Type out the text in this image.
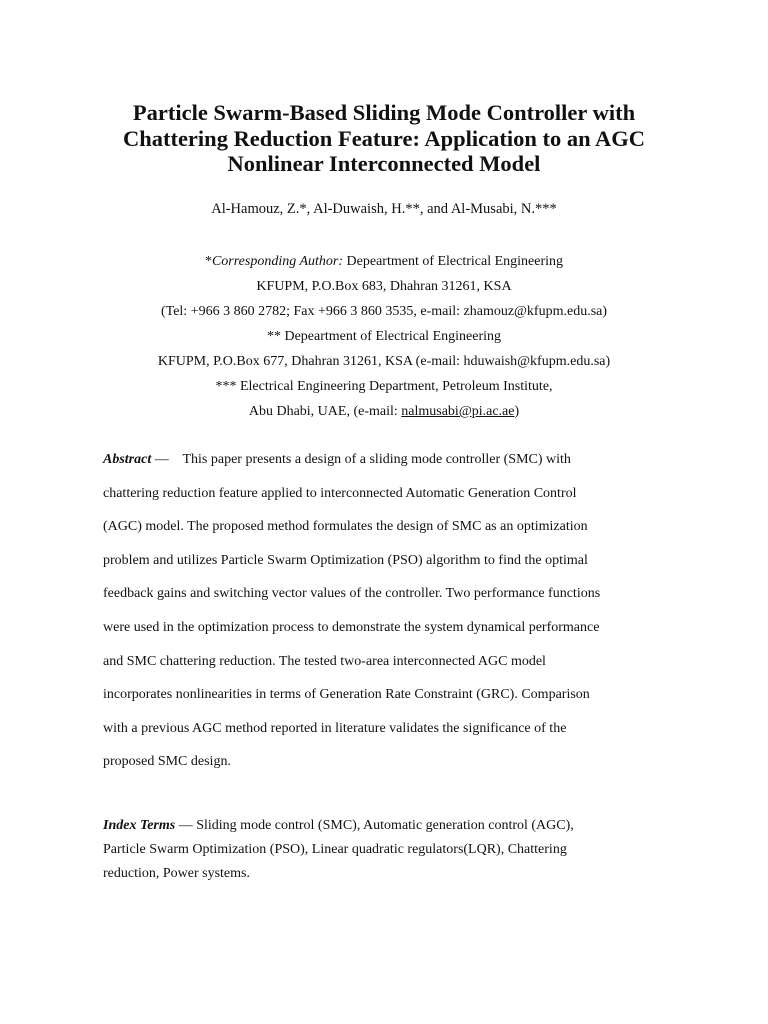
Particle Swarm-Based Sliding Mode Controller with
Chattering Reduction Feature: Application to an AGC
Nonlinear Interconnected Model
Al-Hamouz, Z.*, Al-Duwaish, H.**, and Al-Musabi, N.***
*Corresponding Author: Depeartment of Electrical Engineering
KFUPM, P.O.Box 683, Dhahran 31261, KSA
(Tel: +966 3 860 2782; Fax +966 3 860 3535, e-mail: zhamouz@kfupm.edu.sa)
** Depeartment of Electrical Engineering
KFUPM, P.O.Box 677, Dhahran 31261, KSA (e-mail: hduwaish@kfupm.edu.sa)
*** Electrical Engineering Department, Petroleum Institute,
Abu Dhabi, UAE, (e-mail: nalmusabi@pi.ac.ae)
Abstract —    This paper presents a design of a sliding mode controller (SMC) with
chattering reduction feature applied to interconnected Automatic Generation Control
(AGC) model. The proposed method formulates the design of SMC as an optimization
problem and utilizes Particle Swarm Optimization (PSO) algorithm to find the optimal
feedback gains and switching vector values of the controller. Two performance functions
were used in the optimization process to demonstrate the system dynamical performance
and SMC chattering reduction. The tested two-area interconnected AGC model
incorporates nonlinearities in terms of Generation Rate Constraint (GRC). Comparison
with a previous AGC method reported in literature validates the significance of the
proposed SMC design.
Index Terms — Sliding mode control (SMC), Automatic generation control (AGC),
Particle Swarm Optimization (PSO), Linear quadratic regulators(LQR), Chattering
reduction, Power systems.
